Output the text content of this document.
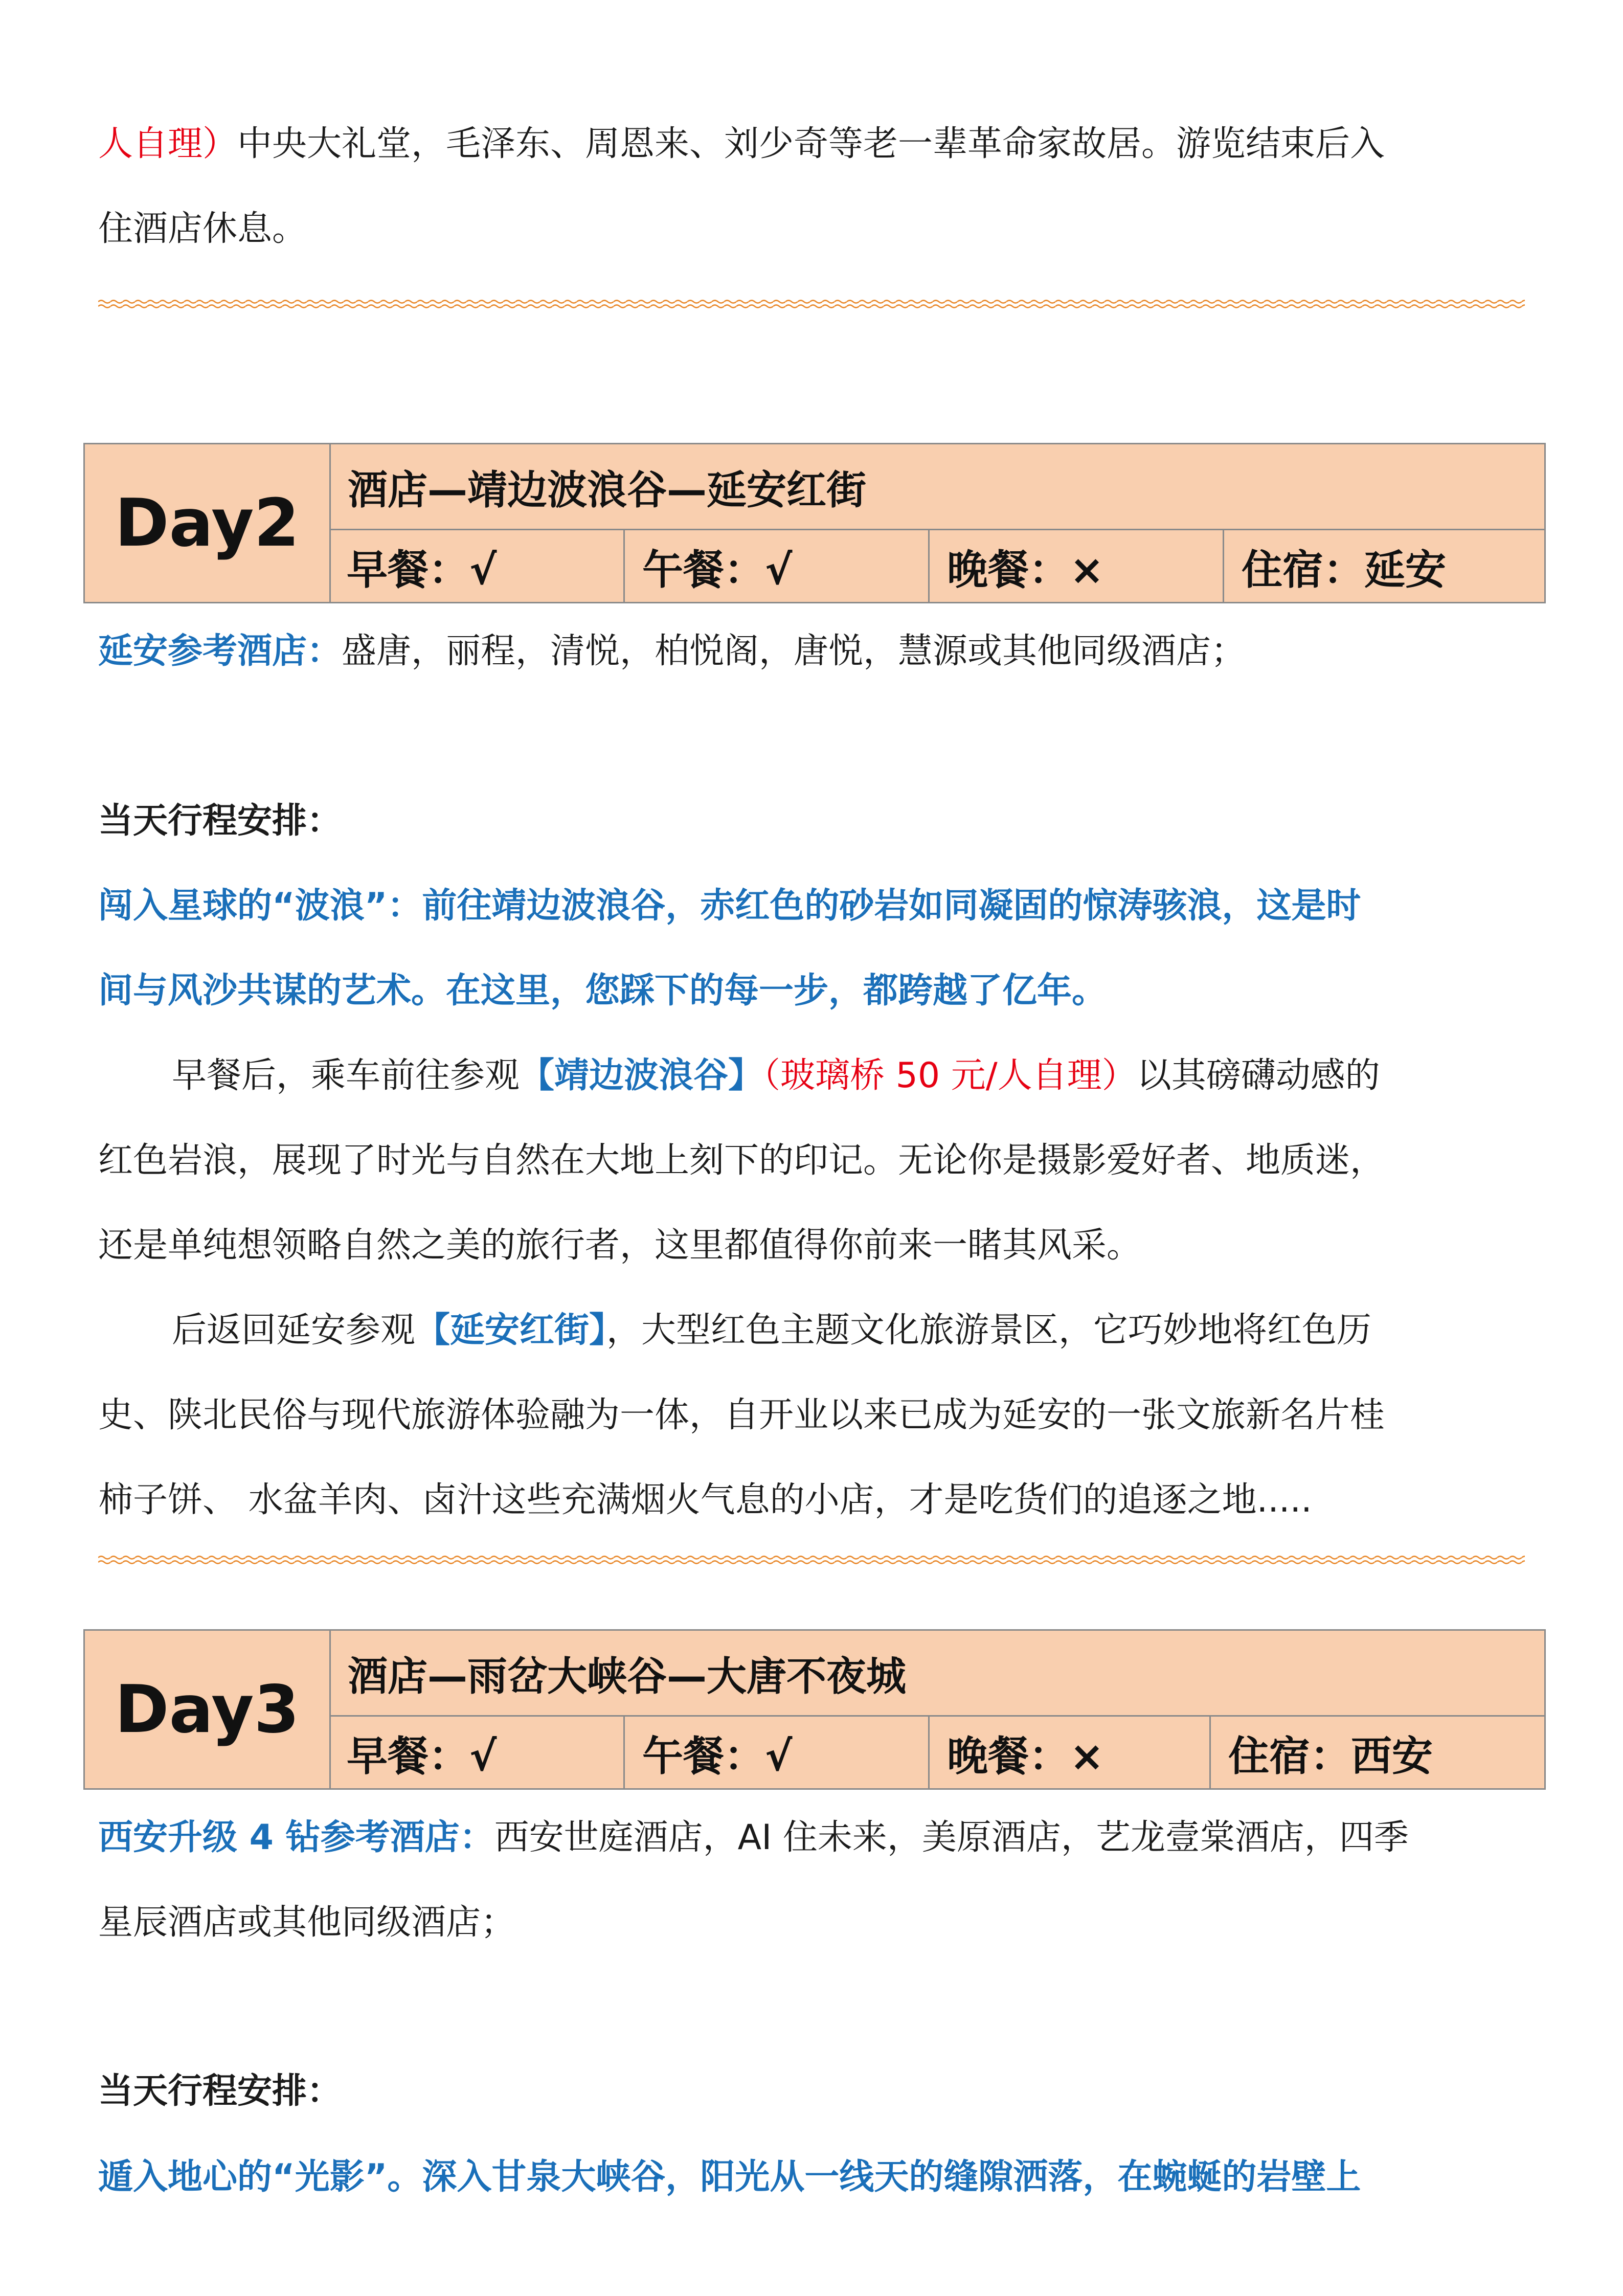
人自理）中央大礼堂，毛泽东、周恩来、刘少奇等老一辈革命家故居。游览结束后入

住酒店休息。

Day2	酒店—靖边波浪谷—延安红街
早餐：√	午餐：√	晚餐：×	住宿：延安

延安参考酒店：盛唐，丽程，清悦，柏悦阁，唐悦，慧源或其他同级酒店；

当天行程安排：

闯入星球的“波浪”：前往靖边波浪谷，赤红色的砂岩如同凝固的惊涛骇浪，这是时

间与风沙共谋的艺术。在这里，您踩下的每一步，都跨越了亿年。

早餐后，乘车前往参观【靖边波浪谷】（玻璃桥 50 元/人自理）以其磅礴动感的

红色岩浪，展现了时光与自然在大地上刻下的印记。无论你是摄影爱好者、地质迷，

还是单纯想领略自然之美的旅行者，这里都值得你前来一睹其风采。

后返回延安参观【延安红街】，大型红色主题文化旅游景区，它巧妙地将红色历

史、陕北民俗与现代旅游体验融为一体，自开业以来已成为延安的一张文旅新名片桂

柿子饼、 水盆羊肉、卤汁这些充满烟火气息的小店，才是吃货们的追逐之地.....

Day3	酒店—雨岔大峡谷—大唐不夜城
早餐：√	午餐：√	晚餐：×	住宿：西安

西安升级 4 钻参考酒店：西安世庭酒店，AI 住未来，美原酒店，艺龙壹棠酒店，四季

星辰酒店或其他同级酒店；

当天行程安排：

遁入地心的“光影”。深入甘泉大峡谷，阳光从一线天的缝隙洒落，在蜿蜒的岩壁上
